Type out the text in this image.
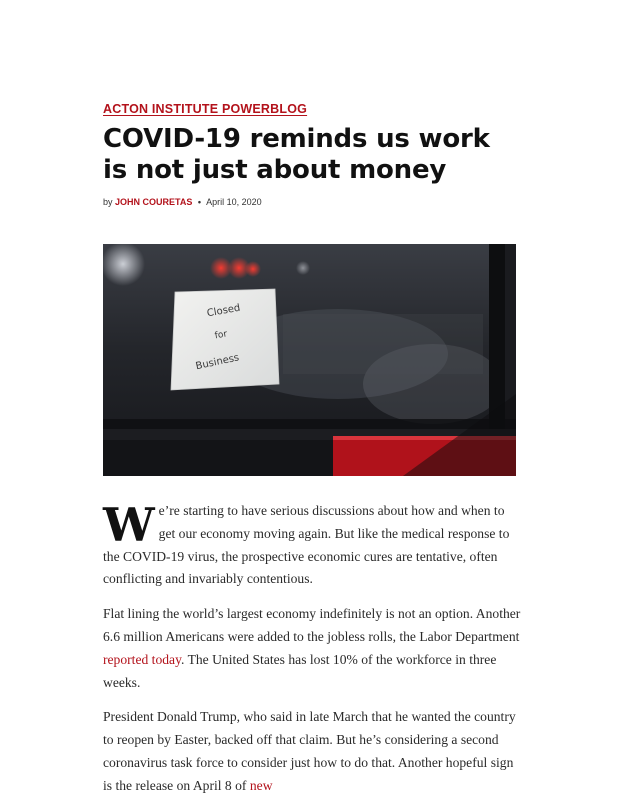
ACTON INSTITUTE POWERBLOG
COVID-19 reminds us work is not just about money
by JOHN COURETAS • April 10, 2020
Closed
for
Business

We’re starting to have serious discussions about how and when to get our economy moving again. But like the medical response to the COVID-19 virus, the prospective economic cures are tentative, often conflicting and invariably contentious.

Flat lining the world’s largest economy indefinitely is not an option. Another 6.6 million Americans were added to the jobless rolls, the Labor Department reported today. The United States has lost 10% of the workforce in three weeks.

President Donald Trump, who said in late March that he wanted the country to reopen by Easter, backed off that claim. But he’s considering a second coronavirus task force to consider just how to do that. Another hopeful sign is the release on April 8 of new
